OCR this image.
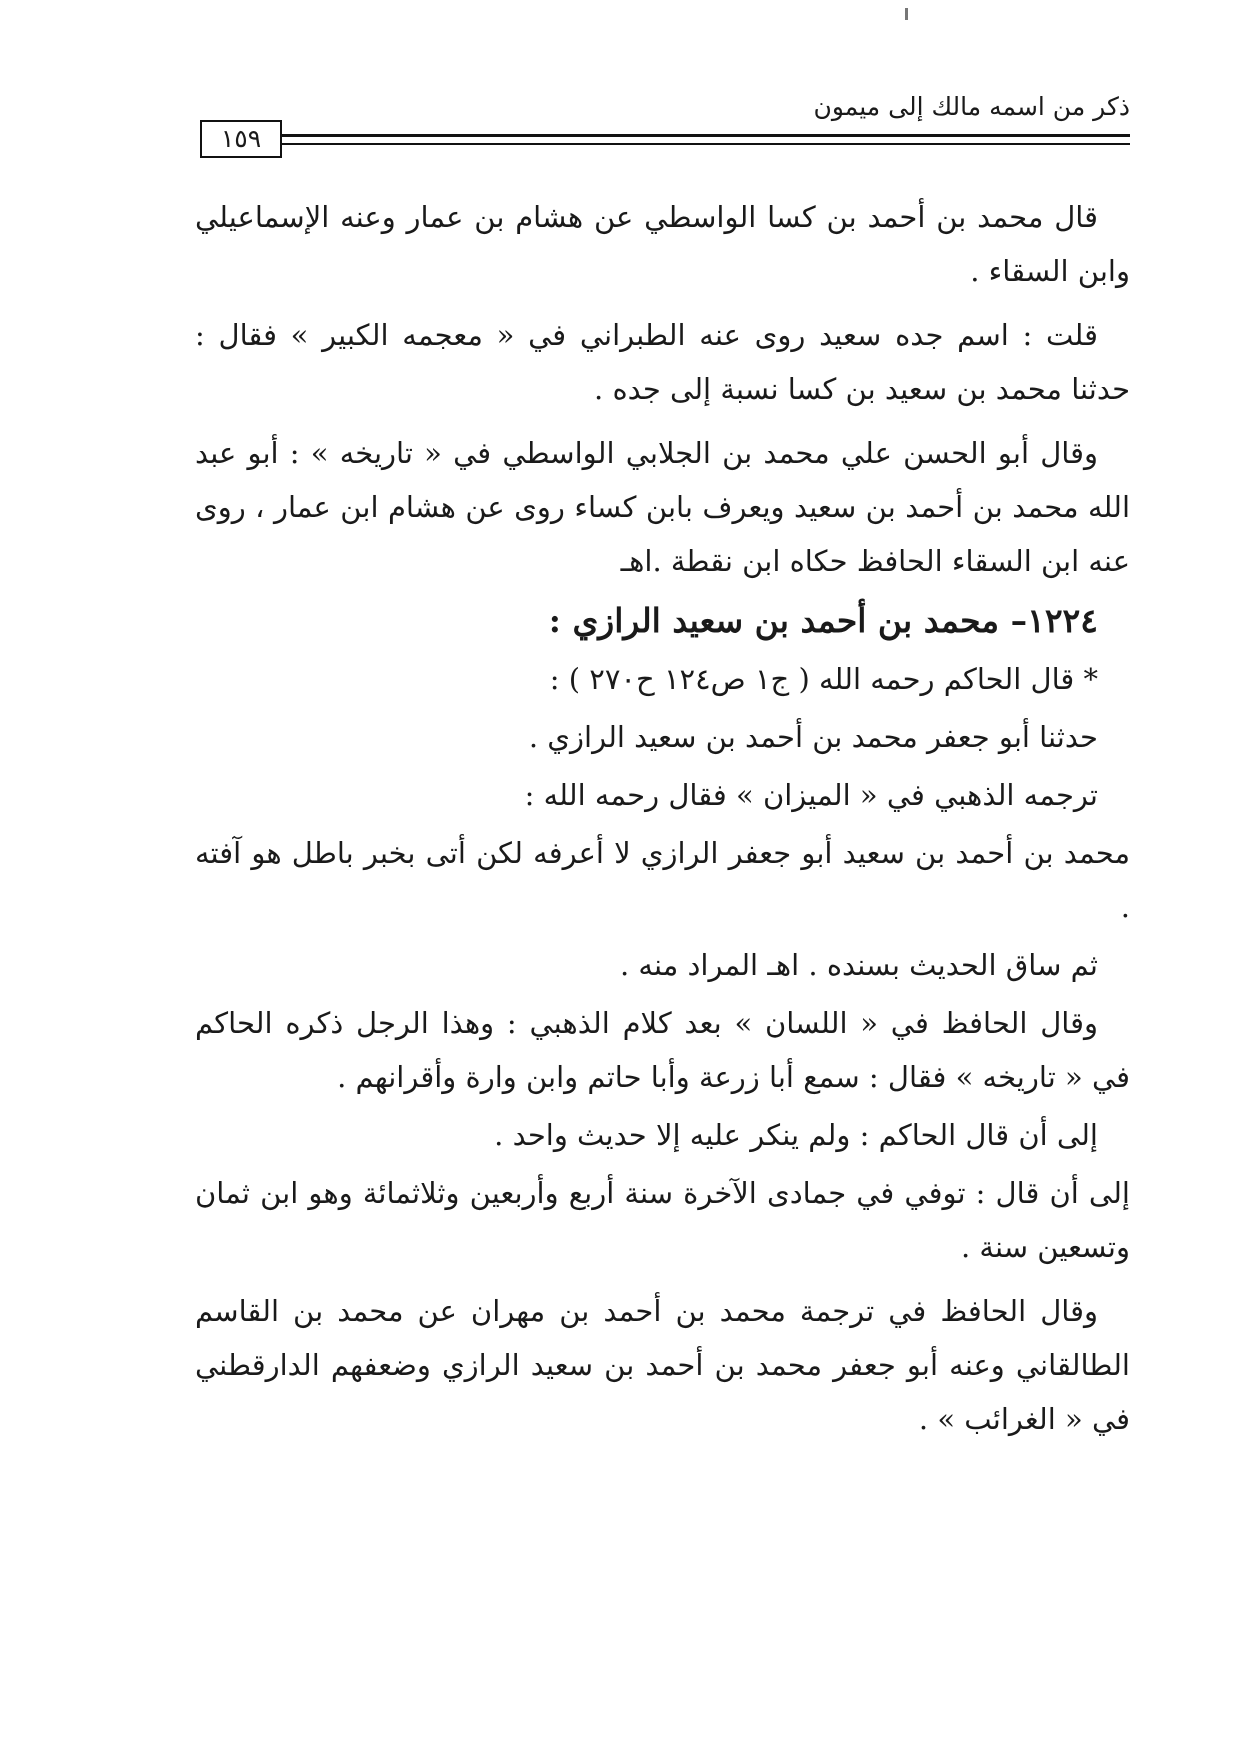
ذكر من اسمه مالك إلى ميمون
١٥٩

قال محمد بن أحمد بن كسا الواسطي عن هشام بن عمار وعنه الإسماعيلي وابن السقاء .

قلت : اسم جده سعيد روى عنه الطبراني في « معجمه الكبير » فقال : حدثنا محمد بن سعيد بن كسا نسبة إلى جده .

وقال أبو الحسن علي محمد بن الجلابي الواسطي في « تاريخه » : أبو عبد الله محمد بن أحمد بن سعيد ويعرف بابن كساء روى عن هشام ابن عمار ، روى عنه ابن السقاء الحافظ حكاه ابن نقطة .اهـ

١٢٢٤– محمد بن أحمد بن سعيد الرازي :

* قال الحاكم رحمه الله ( ج١ ص١٢٤ ح٢٧٠ ) :

حدثنا أبو جعفر محمد بن أحمد بن سعيد الرازي .

ترجمه الذهبي في « الميزان » فقال رحمه الله :

محمد بن أحمد بن سعيد أبو جعفر الرازي لا أعرفه لكن أتى بخبر باطل هو آفته .

ثم ساق الحديث بسنده . اهـ المراد منه .

وقال الحافظ في « اللسان » بعد كلام الذهبي : وهذا الرجل ذكره الحاكم في « تاريخه » فقال : سمع أبا زرعة وأبا حاتم وابن وارة وأقرانهم .

إلى أن قال الحاكم : ولم ينكر عليه إلا حديث واحد .

إلى أن قال : توفي في جمادى الآخرة سنة أربع وأربعين وثلاثمائة وهو ابن ثمان وتسعين سنة .

وقال الحافظ في ترجمة محمد بن أحمد بن مهران عن محمد بن القاسم الطالقاني وعنه أبو جعفر محمد بن أحمد بن سعيد الرازي وضعفهم الدارقطني في « الغرائب » .
